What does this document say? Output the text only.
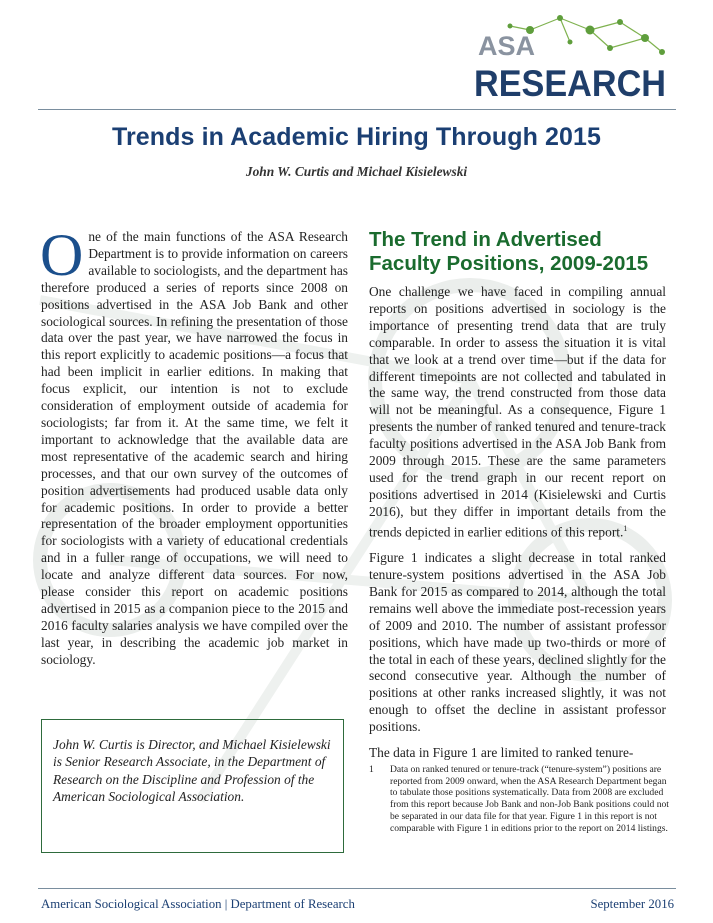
ASA
RESEARCH
Trends in Academic Hiring Through 2015
John W. Curtis and Michael Kisielewski

One of the main functions of the ASA Research Department is to provide information on careers available to sociologists, and the department has therefore produced a series of reports since 2008 on positions advertised in the ASA Job Bank and other sociological sources. In refining the presentation of those data over the past year, we have narrowed the focus in this report explicitly to academic positions—a focus that had been implicit in earlier editions. In making that focus explicit, our intention is not to exclude consideration of employment outside of academia for sociologists; far from it. At the same time, we felt it important to acknowledge that the available data are most representative of the academic search and hiring processes, and that our own survey of the outcomes of position advertisements had produced usable data only for academic positions. In order to provide a better representation of the broader employment opportunities for sociologists with a variety of educational credentials and in a fuller range of occupations, we will need to locate and analyze different data sources. For now, please consider this report on academic positions advertised in 2015 as a companion piece to the 2015 and 2016 faculty salaries analysis we have compiled over the last year, in describing the academic job market in sociology.

John W. Curtis is Director, and Michael Kisielewski is Senior Research Associate, in the Department of Research on the Discipline and Profession of the American Sociological Association.
The Trend in Advertised Faculty Positions, 2009-2015

One challenge we have faced in compiling annual reports on positions advertised in sociology is the importance of presenting trend data that are truly comparable. In order to assess the situation it is vital that we look at a trend over time—but if the data for different timepoints are not collected and tabulated in the same way, the trend constructed from those data will not be meaningful. As a consequence, Figure 1 presents the number of ranked tenured and tenure-track faculty positions advertised in the ASA Job Bank from 2009 through 2015. These are the same parameters used for the trend graph in our recent report on positions advertised in 2014 (Kisielewski and Curtis 2016), but they differ in important details from the trends depicted in earlier editions of this report.$^1$

Figure 1 indicates a slight decrease in total ranked tenure-system positions advertised in the ASA Job Bank for 2015 as compared to 2014, although the total remains well above the immediate post-recession years of 2009 and 2010. The number of assistant professor positions, which have made up two-thirds or more of the total in each of these years, declined slightly for the second consecutive year. Although the number of positions at other ranks increased slightly, it was not enough to offset the decline in assistant professor positions.

The data in Figure 1 are limited to ranked tenure-

1 Data on ranked tenured or tenure-track (“tenure-system”) positions are reported from 2009 onward, when the ASA Research Department began to tabulate those positions systematically. Data from 2008 are excluded from this report because Job Bank and non-Job Bank positions could not be separated in our data file for that year. Figure 1 in this report is not comparable with Figure 1 in editions prior to the report on 2014 listings.
American Sociological Association | Department of Research	September 2016
